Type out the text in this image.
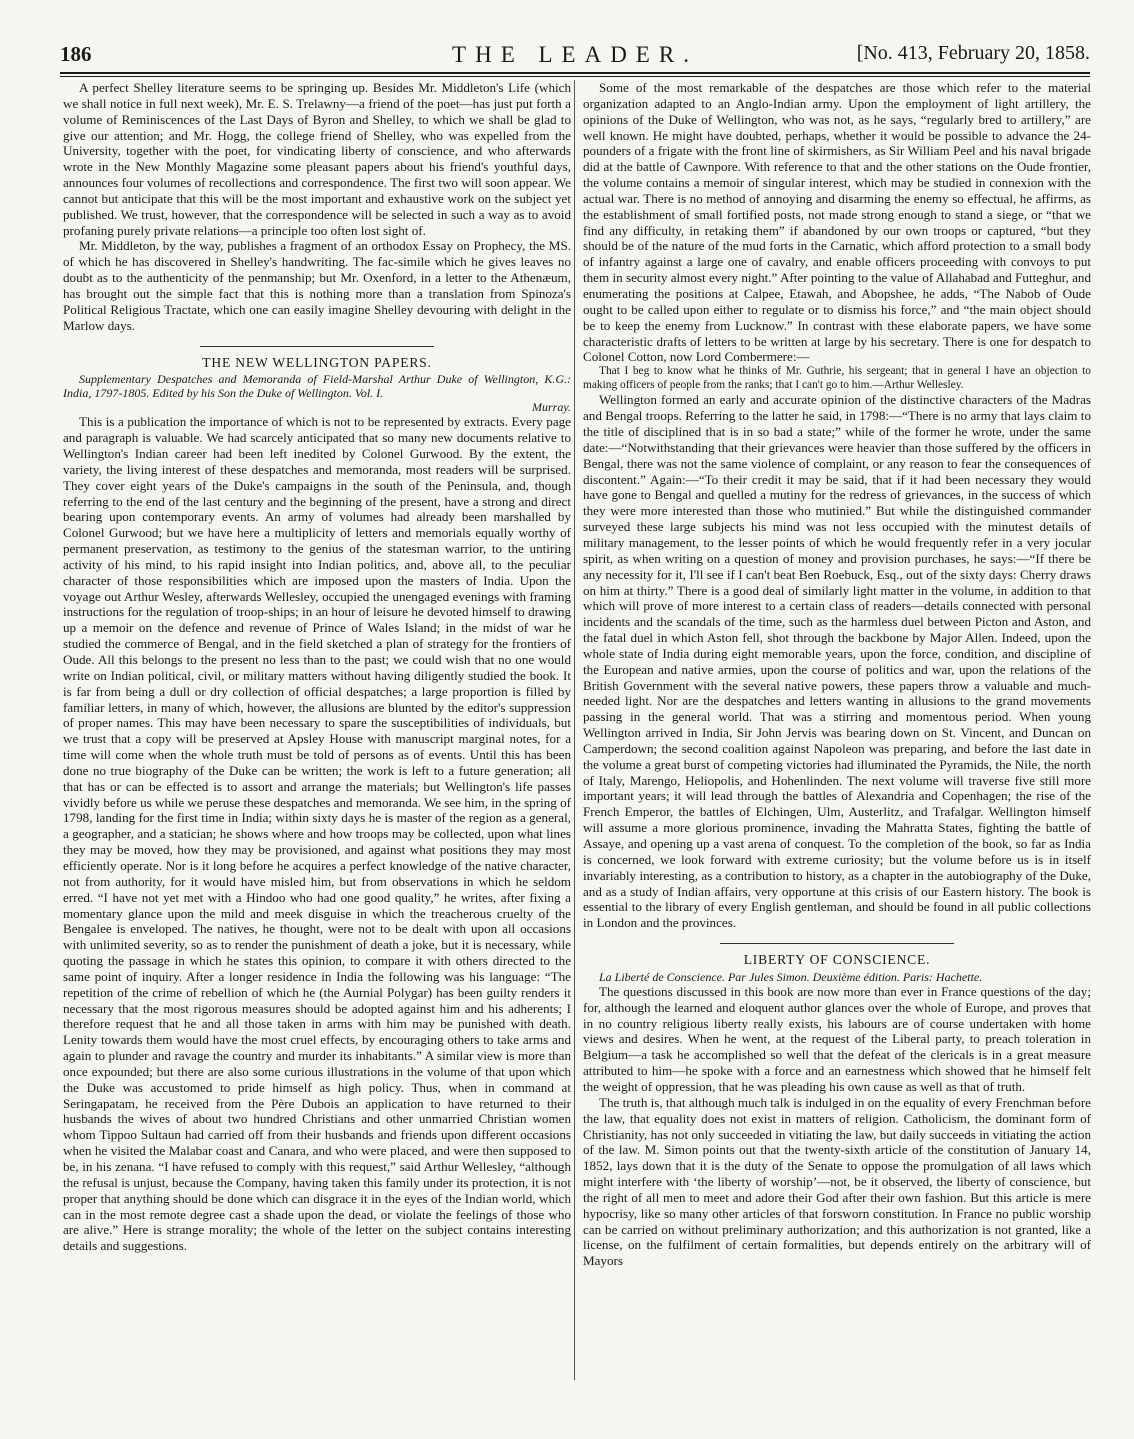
186	THE LEADER.	[No. 413, February 20, 1858.

A perfect Shelley literature seems to be springing up. Besides Mr. Middleton's Life (which we shall notice in full next week), Mr. E. S. Trelawny—a friend of the poet—has just put forth a volume of Reminiscences of the Last Days of Byron and Shelley, to which we shall be glad to give our attention; and Mr. Hogg, the college friend of Shelley, who was expelled from the University, together with the poet, for vindicating liberty of conscience, and who afterwards wrote in the New Monthly Magazine some pleasant papers about his friend's youthful days, announces four volumes of recollections and correspondence. The first two will soon appear. We cannot but anticipate that this will be the most important and exhaustive work on the subject yet published. We trust, however, that the correspondence will be selected in such a way as to avoid profaning purely private relations—a principle too often lost sight of.

Mr. Middleton, by the way, publishes a fragment of an orthodox Essay on Prophecy, the MS. of which he has discovered in Shelley's handwriting. The fac-simile which he gives leaves no doubt as to the authenticity of the penmanship; but Mr. Oxenford, in a letter to the Athenæum, has brought out the simple fact that this is nothing more than a translation from Spinoza's Political Religious Tractate, which one can easily imagine Shelley devouring with delight in the Marlow days.

THE NEW WELLINGTON PAPERS.

Supplementary Despatches and Memoranda of Field-Marshal Arthur Duke of Wellington, K.G.: India, 1797-1805. Edited by his Son the Duke of Wellington. Vol. I.

Murray.

This is a publication the importance of which is not to be represented by extracts. Every page and paragraph is valuable. We had scarcely anticipated that so many new documents relative to Wellington's Indian career had been left inedited by Colonel Gurwood. By the extent, the variety, the living interest of these despatches and memoranda, most readers will be surprised. They cover eight years of the Duke's campaigns in the south of the Peninsula, and, though referring to the end of the last century and the beginning of the present, have a strong and direct bearing upon contemporary events. An army of volumes had already been marshalled by Colonel Gurwood; but we have here a multiplicity of letters and memorials equally worthy of permanent preservation, as testimony to the genius of the statesman warrior, to the untiring activity of his mind, to his rapid insight into Indian politics, and, above all, to the peculiar character of those responsibilities which are imposed upon the masters of India. Upon the voyage out Arthur Wesley, afterwards Wellesley, occupied the unengaged evenings with framing instructions for the regulation of troop-ships; in an hour of leisure he devoted himself to drawing up a memoir on the defence and revenue of Prince of Wales Island; in the midst of war he studied the commerce of Bengal, and in the field sketched a plan of strategy for the frontiers of Oude. All this belongs to the present no less than to the past; we could wish that no one would write on Indian political, civil, or military matters without having diligently studied the book. It is far from being a dull or dry collection of official despatches; a large proportion is filled by familiar letters, in many of which, however, the allusions are blunted by the editor's suppression of proper names. This may have been necessary to spare the susceptibilities of individuals, but we trust that a copy will be preserved at Apsley House with manuscript marginal notes, for a time will come when the whole truth must be told of persons as of events. Until this has been done no true biography of the Duke can be written; the work is left to a future generation; all that has or can be effected is to assort and arrange the materials; but Wellington's life passes vividly before us while we peruse these despatches and memoranda. We see him, in the spring of 1798, landing for the first time in India; within sixty days he is master of the region as a general, a geographer, and a statician; he shows where and how troops may be collected, upon what lines they may be moved, how they may be provisioned, and against what positions they may most efficiently operate. Nor is it long before he acquires a perfect knowledge of the native character, not from authority, for it would have misled him, but from observations in which he seldom erred. “I have not yet met with a Hindoo who had one good quality,” he writes, after fixing a momentary glance upon the mild and meek disguise in which the treacherous cruelty of the Bengalee is enveloped. The natives, he thought, were not to be dealt with upon all occasions with unlimited severity, so as to render the punishment of death a joke, but it is necessary, while quoting the passage in which he states this opinion, to compare it with others directed to the same point of inquiry. After a longer residence in India the following was his language: “The repetition of the crime of rebellion of which he (the Aurnial Polygar) has been guilty renders it necessary that the most rigorous measures should be adopted against him and his adherents; I therefore request that he and all those taken in arms with him may be punished with death. Lenity towards them would have the most cruel effects, by encouraging others to take arms and again to plunder and ravage the country and murder its inhabitants.” A similar view is more than once expounded; but there are also some curious illustrations in the volume of that upon which the Duke was accustomed to pride himself as high policy. Thus, when in command at Seringapatam, he received from the Père Dubois an application to have returned to their husbands the wives of about two hundred Christians and other unmarried Christian women whom Tippoo Sultaun had carried off from their husbands and friends upon different occasions when he visited the Malabar coast and Canara, and who were placed, and were then supposed to be, in his zenana. “I have refused to comply with this request,” said Arthur Wellesley, “although the refusal is unjust, because the Company, having taken this family under its protection, it is not proper that anything should be done which can disgrace it in the eyes of the Indian world, which can in the most remote degree cast a shade upon the dead, or violate the feelings of those who are alive.” Here is strange morality; the whole of the letter on the subject contains interesting details and suggestions.

Some of the most remarkable of the despatches are those which refer to the material organization adapted to an Anglo-Indian army. Upon the employment of light artillery, the opinions of the Duke of Wellington, who was not, as he says, “regularly bred to artillery,” are well known. He might have doubted, perhaps, whether it would be possible to advance the 24-pounders of a frigate with the front line of skirmishers, as Sir William Peel and his naval brigade did at the battle of Cawnpore. With reference to that and the other stations on the Oude frontier, the volume contains a memoir of singular interest, which may be studied in connexion with the actual war. There is no method of annoying and disarming the enemy so effectual, he affirms, as the establishment of small fortified posts, not made strong enough to stand a siege, or “that we find any difficulty, in retaking them” if abandoned by our own troops or captured, “but they should be of the nature of the mud forts in the Carnatic, which afford protection to a small body of infantry against a large one of cavalry, and enable officers proceeding with convoys to put them in security almost every night.” After pointing to the value of Allahabad and Futteghur, and enumerating the positions at Calpee, Etawah, and Abopshee, he adds, “The Nabob of Oude ought to be called upon either to regulate or to dismiss his force,” and “the main object should be to keep the enemy from Lucknow.” In contrast with these elaborate papers, we have some characteristic drafts of letters to be written at large by his secretary. There is one for despatch to Colonel Cotton, now Lord Combermere:—

That I beg to know what he thinks of Mr. Guthrie, his sergeant; that in general I have an objection to making officers of people from the ranks; that I can't go to him.—Arthur Wellesley.

Wellington formed an early and accurate opinion of the distinctive characters of the Madras and Bengal troops. Referring to the latter he said, in 1798:—“There is no army that lays claim to the title of disciplined that is in so bad a state;” while of the former he wrote, under the same date:—“Notwithstanding that their grievances were heavier than those suffered by the officers in Bengal, there was not the same violence of complaint, or any reason to fear the consequences of discontent.” Again:—“To their credit it may be said, that if it had been necessary they would have gone to Bengal and quelled a mutiny for the redress of grievances, in the success of which they were more interested than those who mutinied.” But while the distinguished commander surveyed these large subjects his mind was not less occupied with the minutest details of military management, to the lesser points of which he would frequently refer in a very jocular spirit, as when writing on a question of money and provision purchases, he says:—“If there be any necessity for it, I'll see if I can't beat Ben Roebuck, Esq., out of the sixty days: Cherry draws on him at thirty.” There is a good deal of similarly light matter in the volume, in addition to that which will prove of more interest to a certain class of readers—details connected with personal incidents and the scandals of the time, such as the harmless duel between Picton and Aston, and the fatal duel in which Aston fell, shot through the backbone by Major Allen. Indeed, upon the whole state of India during eight memorable years, upon the force, condition, and discipline of the European and native armies, upon the course of politics and war, upon the relations of the British Government with the several native powers, these papers throw a valuable and much-needed light. Nor are the despatches and letters wanting in allusions to the grand movements passing in the general world. That was a stirring and momentous period. When young Wellington arrived in India, Sir John Jervis was bearing down on St. Vincent, and Duncan on Camperdown; the second coalition against Napoleon was preparing, and before the last date in the volume a great burst of competing victories had illuminated the Pyramids, the Nile, the north of Italy, Marengo, Heliopolis, and Hohenlinden. The next volume will traverse five still more important years; it will lead through the battles of Alexandria and Copenhagen; the rise of the French Emperor, the battles of Elchingen, Ulm, Austerlitz, and Trafalgar. Wellington himself will assume a more glorious prominence, invading the Mahratta States, fighting the battle of Assaye, and opening up a vast arena of conquest. To the completion of the book, so far as India is concerned, we look forward with extreme curiosity; but the volume before us is in itself invariably interesting, as a contribution to history, as a chapter in the autobiography of the Duke, and as a study of Indian affairs, very opportune at this crisis of our Eastern history. The book is essential to the library of every English gentleman, and should be found in all public collections in London and the provinces.

LIBERTY OF CONSCIENCE.

La Liberté de Conscience. Par Jules Simon. Deuxième édition. Paris: Hachette.

The questions discussed in this book are now more than ever in France questions of the day; for, although the learned and eloquent author glances over the whole of Europe, and proves that in no country religious liberty really exists, his labours are of course undertaken with home views and desires. When he went, at the request of the Liberal party, to preach toleration in Belgium—a task he accomplished so well that the defeat of the clericals is in a great measure attributed to him—he spoke with a force and an earnestness which showed that he himself felt the weight of oppression, that he was pleading his own cause as well as that of truth.

The truth is, that although much talk is indulged in on the equality of every Frenchman before the law, that equality does not exist in matters of religion. Catholicism, the dominant form of Christianity, has not only succeeded in vitiating the law, but daily succeeds in vitiating the action of the law. M. Simon points out that the twenty-sixth article of the constitution of January 14, 1852, lays down that it is the duty of the Senate to oppose the promulgation of all laws which might interfere with ‘the liberty of worship’—not, be it observed, the liberty of conscience, but the right of all men to meet and adore their God after their own fashion. But this article is mere hypocrisy, like so many other articles of that forsworn constitution. In France no public worship can be carried on without preliminary authorization; and this authorization is not granted, like a license, on the fulfilment of certain formalities, but depends entirely on the arbitrary will of Mayors
